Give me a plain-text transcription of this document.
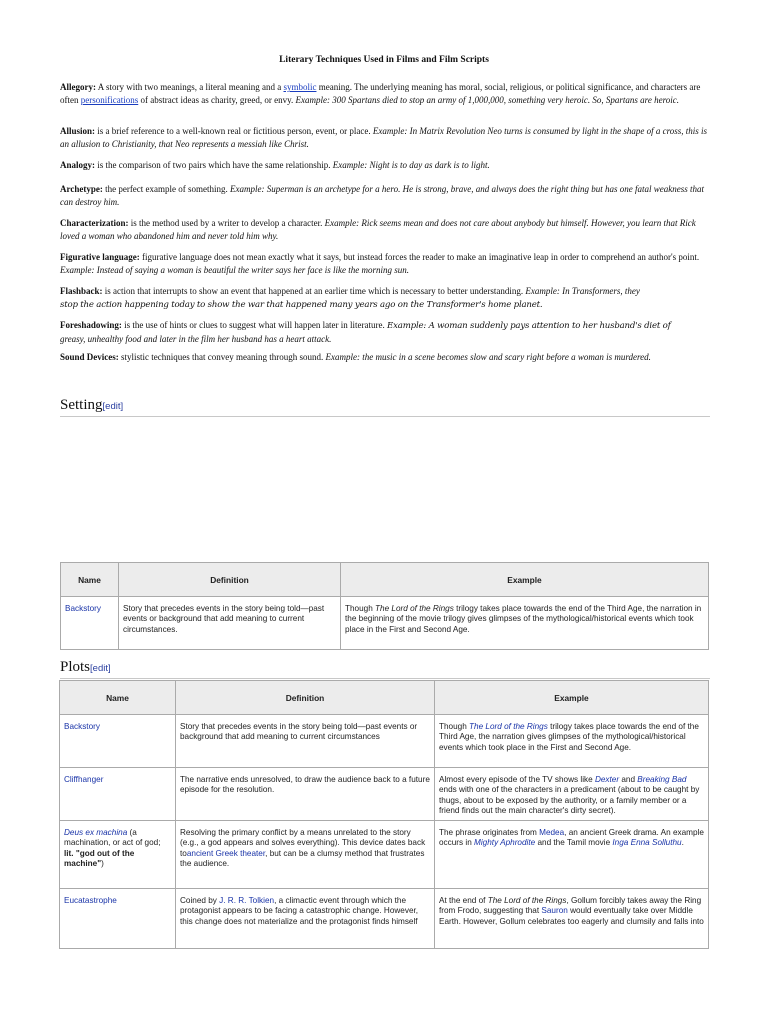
Literary Techniques Used in Films and Film Scripts

Allegory: A story with two meanings, a literal meaning and a symbolic meaning. The underlying meaning has moral, social, religious, or political significance, and characters are often personifications of abstract ideas as charity, greed, or envy. Example: 300 Spartans died to stop an army of 1,000,000, something very heroic. So, Spartans are heroic.

Allusion: is a brief reference to a well-known real or fictitious person, event, or place. Example: In Matrix Revolution Neo turns is consumed by light in the shape of a cross, this is an allusion to Christianity, that Neo represents a messiah like Christ.

Analogy: is the comparison of two pairs which have the same relationship. Example: Night is to day as dark is to light.

Archetype: the perfect example of something. Example: Superman is an archetype for a hero. He is strong, brave, and always does the right thing but has one fatal weakness that can destroy him.

Characterization: is the method used by a writer to develop a character. Example: Rick seems mean and does not care about anybody but himself. However, you learn that Rick loved a woman who abandoned him and never told him why.

Figurative language: figurative language does not mean exactly what it says, but instead forces the reader to make an imaginative leap in order to comprehend an author's point. Example: Instead of saying a woman is beautiful the writer says her face is like the morning sun.

Flashback: is action that interrupts to show an event that happened at an earlier time which is necessary to better understanding. Example: In Transformers, they
stop the action happening today to show the war that happened many years ago on the Transformer's home planet.

Foreshadowing: is the use of hints or clues to suggest what will happen later in literature. Example: A woman suddenly pays attention to her husband's diet of
greasy, unhealthy food and later in the film her husband has a heart attack.

Sound Devices: stylistic techniques that convey meaning through sound. Example: the music in a scene becomes slow and scary right before a woman is murdered.

Setting[edit]
Name	Definition	Example
Backstory	Story that precedes events in the story being told—past events or background that add meaning to current circumstances.	Though The Lord of the Rings trilogy takes place towards the end of the Third Age, the narration in the beginning of the movie trilogy gives glimpses of the mythological/historical events which took place in the First and Second Age.
Plots[edit]
Name	Definition	Example
Backstory	Story that precedes events in the story being told—past events or background that add meaning to current circumstances	Though The Lord of the Rings trilogy takes place towards the end of the Third Age, the narration gives glimpses of the mythological/historical events which took place in the First and Second Age.
Cliffhanger	The narrative ends unresolved, to draw the audience back to a future episode for the resolution.	Almost every episode of the TV shows like Dexter and Breaking Bad ends with one of the characters in a predicament (about to be caught by thugs, about to be exposed by the authority, or a family member or a friend finds out the main character's dirty secret).
Deus ex machina (a machination, or act of god; lit. "god out of the machine")	Resolving the primary conflict by a means unrelated to the story (e.g., a god appears and solves everything). This device dates back toancient Greek theater, but can be a clumsy method that frustrates the audience.	The phrase originates from Medea, an ancient Greek drama. An example occurs in Mighty Aphrodite and the Tamil movie Inga Enna Solluthu.
Eucatastrophe	Coined by J. R. R. Tolkien, a climactic event through which the protagonist appears to be facing a catastrophic change. However, this change does not materialize and the protagonist finds himself	At the end of The Lord of the Rings, Gollum forcibly takes away the Ring from Frodo, suggesting that Sauron would eventually take over Middle Earth. However, Gollum celebrates too eagerly and clumsily and falls into
